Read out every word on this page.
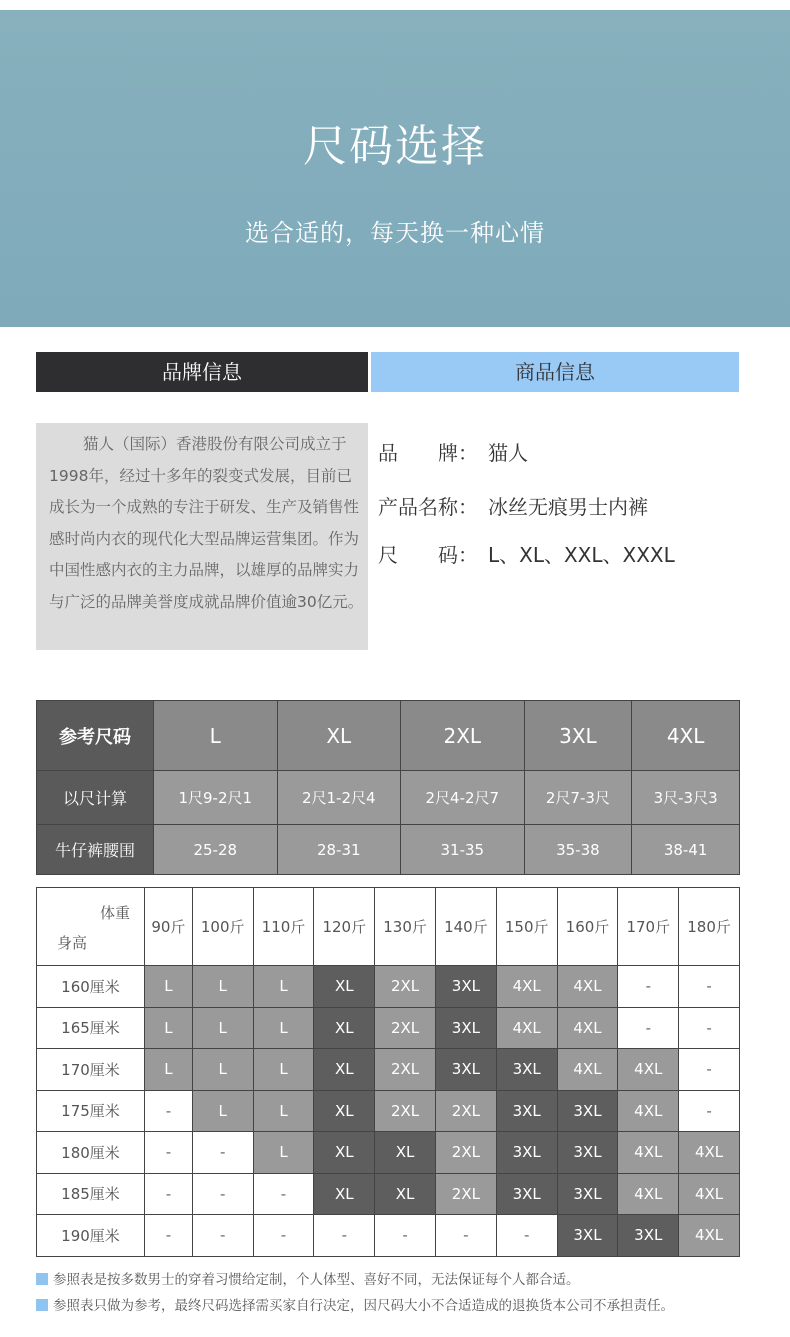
尺码选择
选合适的，每天换一种心情
品牌信息	商品信息
猫人（国际）香港股份有限公司成立于1998年，经过十多年的裂变式发展，目前已成长为一个成熟的专注于研发、生产及销售性感时尚内衣的现代化大型品牌运营集团。作为中国性感内衣的主力品牌，以雄厚的品牌实力与广泛的品牌美誉度成就品牌价值逾30亿元。
品　　牌： 猫人
产品名称： 冰丝无痕男士内裤
尺　　码： L、XL、XXL、XXXL
参考尺码	L	XL	2XL	3XL	4XL
以尺计算	1尺9-2尺1	2尺1-2尺4	2尺4-2尺7	2尺7-3尺	3尺-3尺3
牛仔裤腰围	25-28	28-31	31-35	35-38	38-41
体重
身高	90斤	100斤	110斤	120斤	130斤	140斤	150斤	160斤	170斤	180斤
160厘米	L	L	L	XL	2XL	3XL	4XL	4XL	-	-
165厘米	L	L	L	XL	2XL	3XL	4XL	4XL	-	-
170厘米	L	L	L	XL	2XL	3XL	3XL	4XL	4XL	-
175厘米	-	L	L	XL	2XL	2XL	3XL	3XL	4XL	-
180厘米	-	-	L	XL	XL	2XL	3XL	3XL	4XL	4XL
185厘米	-	-	-	XL	XL	2XL	3XL	3XL	4XL	4XL
190厘米	-	-	-	-	-	-	-	3XL	3XL	4XL
参照表是按多数男士的穿着习惯给定制，个人体型、喜好不同，无法保证每个人都合适。
参照表只做为参考，最终尺码选择需买家自行决定，因尺码大小不合适造成的退换货本公司不承担责任。
